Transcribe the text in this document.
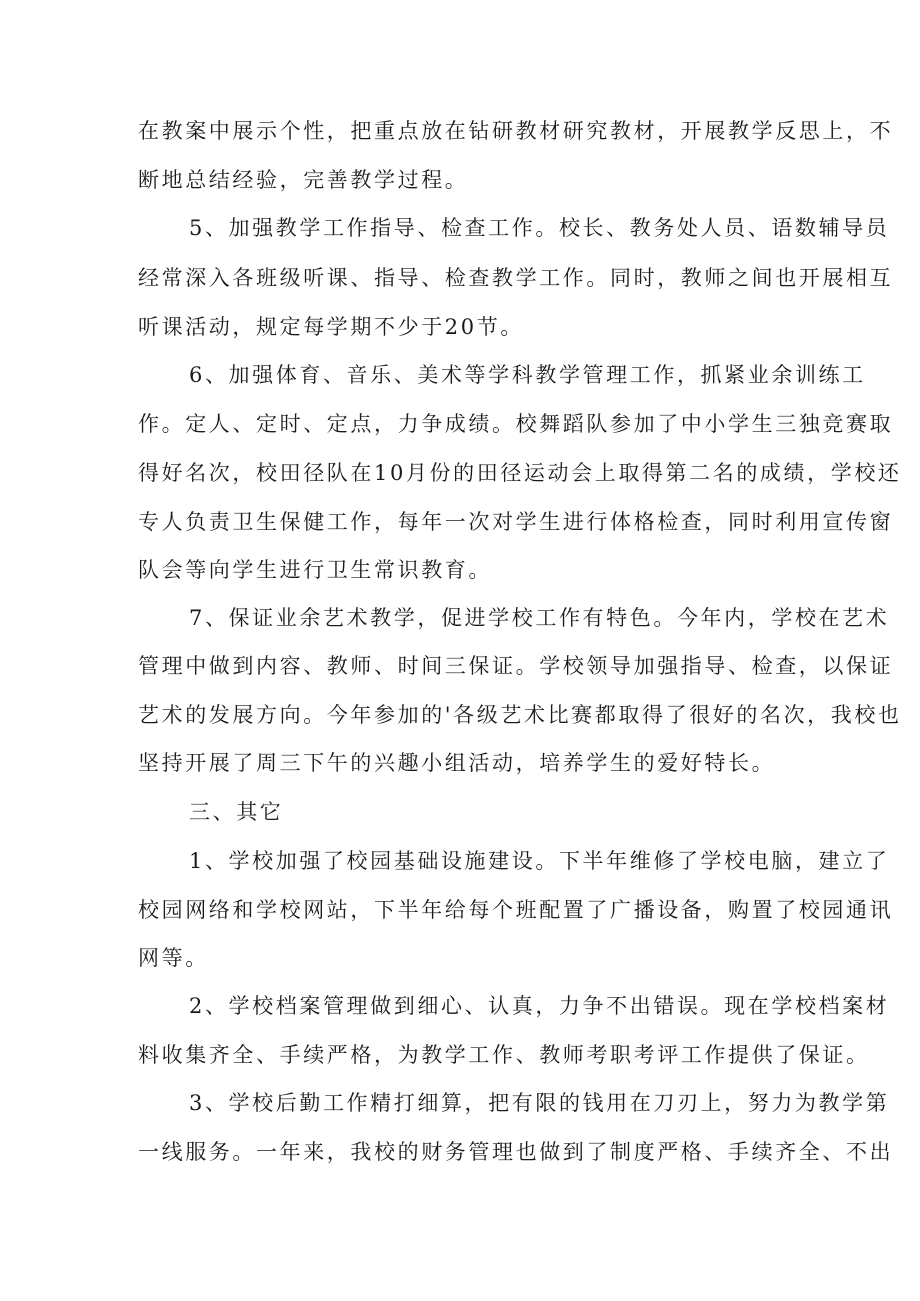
在教案中展示个性，把重点放在钻研教材研究教材，开展教学反思上，不
断地总结经验，完善教学过程。
5、加强教学工作指导、检查工作。校长、教务处人员、语数辅导员
经常深入各班级听课、指导、检查教学工作。同时，教师之间也开展相互
听课活动，规定每学期不少于20节。
6、加强体育、音乐、美术等学科教学管理工作，抓紧业余训练工
作。定人、定时、定点，力争成绩。校舞蹈队参加了中小学生三独竞赛取
得好名次，校田径队在10月份的田径运动会上取得第二名的成绩，学校还
专人负责卫生保健工作，每年一次对学生进行体格检查，同时利用宣传窗
队会等向学生进行卫生常识教育。
7、保证业余艺术教学，促进学校工作有特色。今年内，学校在艺术
管理中做到内容、教师、时间三保证。学校领导加强指导、检查，以保证
艺术的发展方向。今年参加的'各级艺术比赛都取得了很好的名次，我校也
坚持开展了周三下午的兴趣小组活动，培养学生的爱好特长。
三、其它
1、学校加强了校园基础设施建设。下半年维修了学校电脑，建立了
校园网络和学校网站，下半年给每个班配置了广播设备，购置了校园通讯
网等。
2、学校档案管理做到细心、认真，力争不出错误。现在学校档案材
料收集齐全、手续严格，为教学工作、教师考职考评工作提供了保证。
3、学校后勤工作精打细算，把有限的钱用在刀刃上，努力为教学第
一线服务。一年来，我校的财务管理也做到了制度严格、手续齐全、不出
